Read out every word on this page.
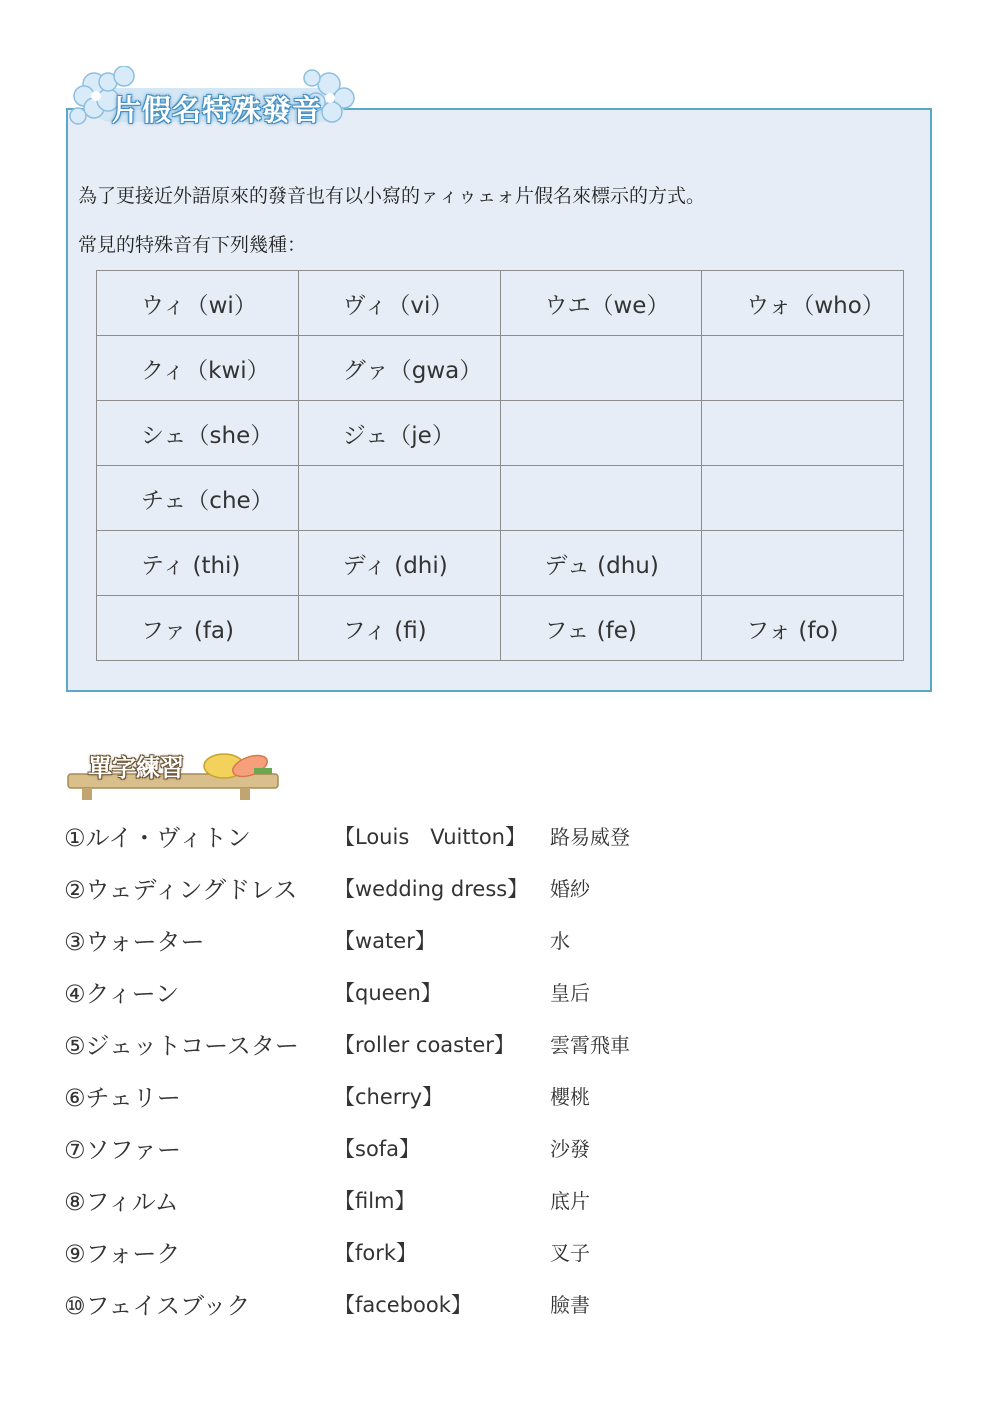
片假名特殊發音
為了更接近外語原來的發音也有以小寫的ァィゥェォ片假名來標示的方式。
常見的特殊音有下列幾種：
ウィ（wi）	ヴィ（vi）	ウエ（we）	ウォ（who）
クィ（kwi）	グァ（gwa）		
シェ（she）	ジェ（je）		
チェ（che）			
ティ (thi)	ディ (dhi)	デュ (dhu)	
ファ (fa)	フィ (fi)	フェ (fe)	フォ (fo)
單字練習
①ルイ・ヴィトン	【Louis　Vuitton】 路易威登
②ウェディングドレス 【wedding dress】 婚紗
③ウォーター	【water】	水
④クィーン	【queen】	皇后
⑤ジェットコースター 【roller coaster】 雲霄飛車
⑥チェリー	【cherry】	櫻桃
⑦ソファー	【sofa】	沙發
⑧フィルム	【film】	底片
⑨フォーク	【fork】	叉子
⑩フェイスブック	【facebook】	臉書
